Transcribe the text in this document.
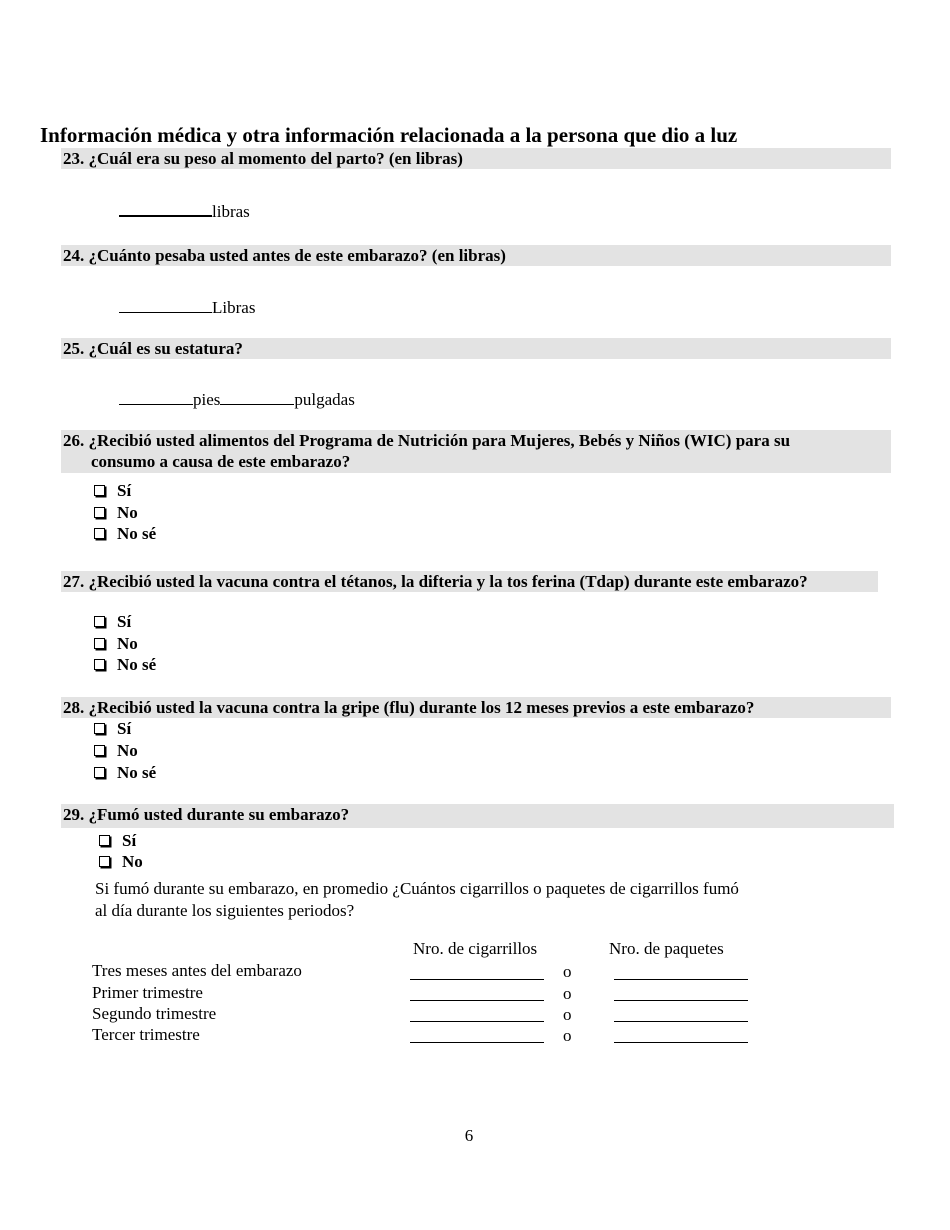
Información médica y otra información relacionada a la persona que dio a luz
23. ¿Cuál era su peso al momento del parto? (en libras)
libras
24. ¿Cuánto pesaba usted antes de este embarazo? (en libras)
Libras
25. ¿Cuál es su estatura?
pies	pulgadas
26. ¿Recibió usted alimentos del Programa de Nutrición para Mujeres, Bebés y Niños (WIC) para su
consumo a causa de este embarazo?
Sí
No
No sé
27. ¿Recibió usted la vacuna contra el tétanos, la difteria y la tos ferina (Tdap) durante este embarazo?
Sí
No
No sé
28. ¿Recibió usted la vacuna contra la gripe (flu) durante los 12 meses previos a este embarazo?
Sí
No
No sé
29. ¿Fumó usted durante su embarazo?
Sí
No
Si fumó durante su embarazo, en promedio ¿Cuántos cigarrillos o paquetes de cigarrillos fumó
al día durante los siguientes periodos?
Nro. de cigarrillos	Nro. de paquetes
Tres meses antes del embarazo	o
Primer trimestre	o
Segundo trimestre	o
Tercer trimestre	o
6
